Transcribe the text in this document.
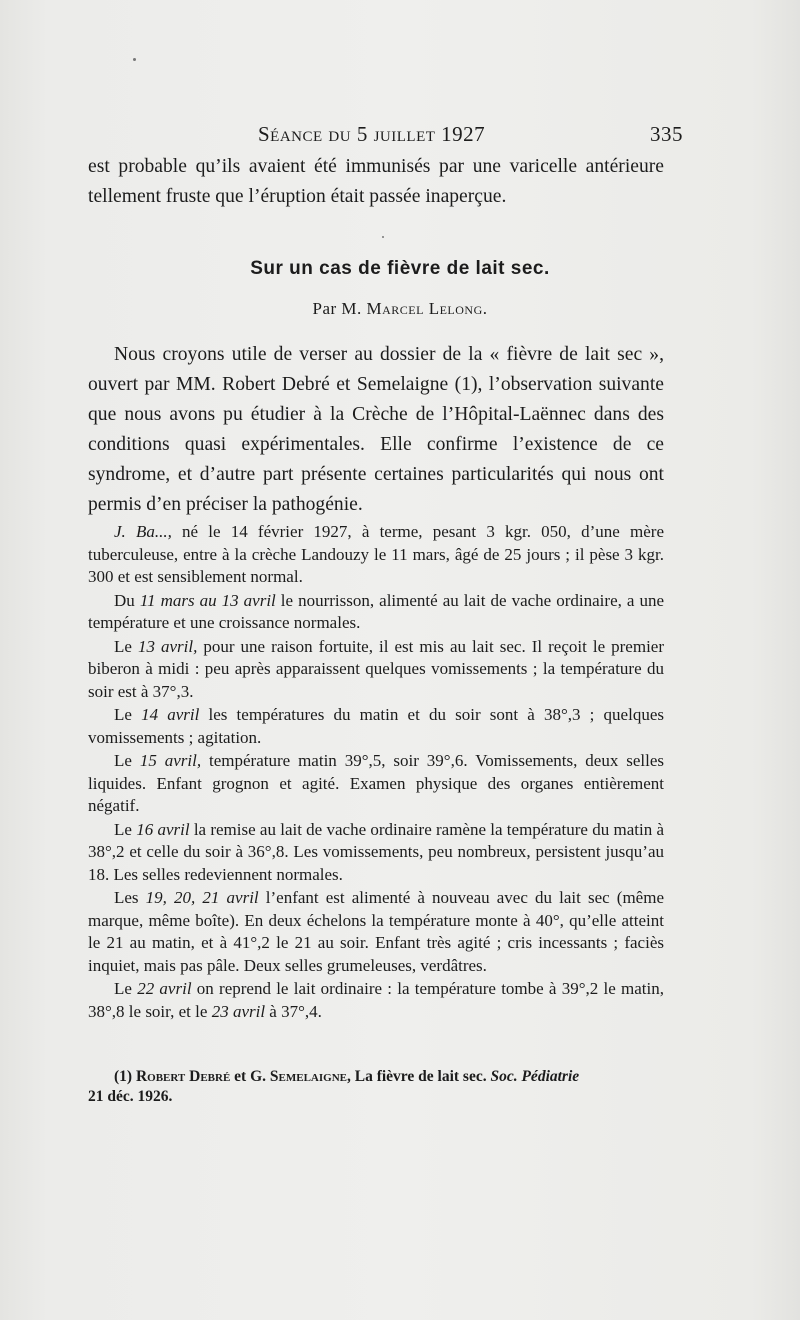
Séance du 5 juillet 1927	335

est probable qu’ils avaient été immunisés par une varicelle antérieure tellement fruste que l’éruption était passée inaperçue.

Sur un cas de fièvre de lait sec.
Par M. Marcel Lelong.

Nous croyons utile de verser au dossier de la « fièvre de lait sec », ouvert par MM. Robert Debré et Semelaigne (1), l’observation suivante que nous avons pu étudier à la Crèche de l’Hôpital-Laënnec dans des conditions quasi expérimentales. Elle confirme l’existence de ce syndrome, et d’autre part présente certaines particularités qui nous ont permis d’en préciser la pathogénie.

J. Ba..., né le 14 février 1927, à terme, pesant 3 kgr. 050, d’une mère tuberculeuse, entre à la crèche Landouzy le 11 mars, âgé de 25 jours ; il pèse 3 kgr. 300 et est sensiblement normal.

Du 11 mars au 13 avril le nourrisson, alimenté au lait de vache ordinaire, a une température et une croissance normales.

Le 13 avril, pour une raison fortuite, il est mis au lait sec. Il reçoit le premier biberon à midi : peu après apparaissent quelques vomissements ; la température du soir est à 37°,3.

Le 14 avril les températures du matin et du soir sont à 38°,3 ; quelques vomissements ; agitation.

Le 15 avril, température matin 39°,5, soir 39°,6. Vomissements, deux selles liquides. Enfant grognon et agité. Examen physique des organes entièrement négatif.

Le 16 avril la remise au lait de vache ordinaire ramène la température du matin à 38°,2 et celle du soir à 36°,8. Les vomissements, peu nombreux, persistent jusqu’au 18. Les selles redeviennent normales.

Les 19, 20, 21 avril l’enfant est alimenté à nouveau avec du lait sec (même marque, même boîte). En deux échelons la température monte à 40°, qu’elle atteint le 21 au matin, et à 41°,2 le 21 au soir. Enfant très agité ; cris incessants ; faciès inquiet, mais pas pâle. Deux selles grumeleuses, verdâtres.

Le 22 avril on reprend le lait ordinaire : la température tombe à 39°,2 le matin, 38°,8 le soir, et le 23 avril à 37°,4.

(1) Robert Debré et G. Semelaigne, La fièvre de lait sec. Soc. Pédiatrie

21 déc. 1926.
